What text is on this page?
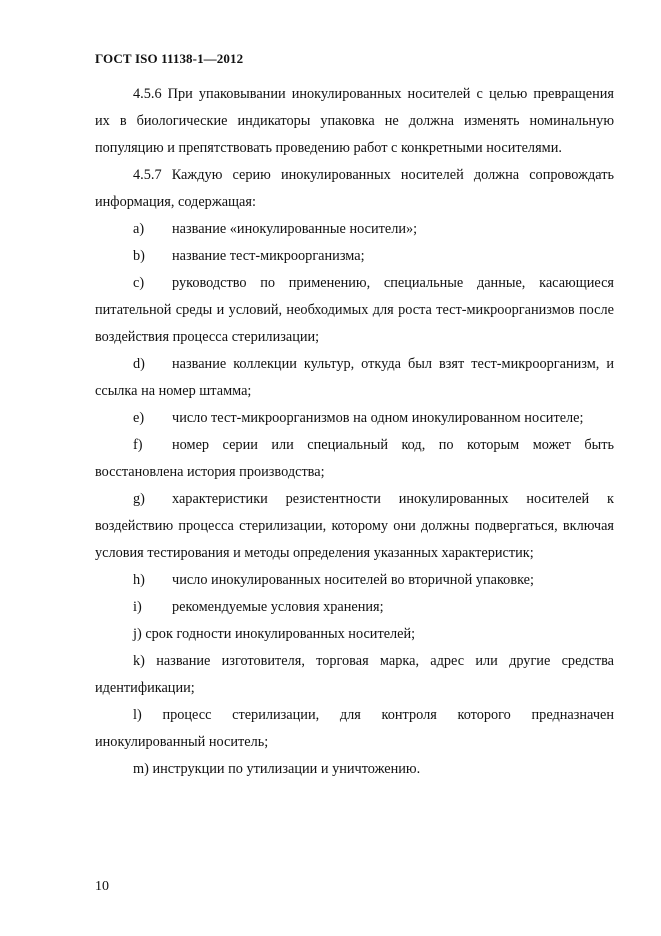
ГОСТ ISO 11138-1—2012

4.5.6 При упаковывании инокулированных носителей с целью превращения их в биологические индикаторы упаковка не должна изменять номинальную популяцию и препятствовать проведению работ с конкретными носителями.

4.5.7 Каждую серию инокулированных носителей должна сопровождать информация, содержащая:

a) название «инокулированные носители»;

b) название тест-микроорганизма;

c) руководство по применению, специальные данные, касающиеся питательной среды и условий, необходимых для роста тест-микроорганизмов после воздействия процесса стерилизации;

d) название коллекции культур, откуда был взят тест-микроорганизм, и ссылка на номер штамма;

e) число тест-микроорганизмов на одном инокулированном носителе;

f) номер серии или специальный код, по которым может быть восстановлена история производства;

g) характеристики резистентности инокулированных носителей к воздействию процесса стерилизации, которому они должны подвергаться, включая условия тестирования и методы определения указанных характеристик;

h) число инокулированных носителей во вторичной упаковке;

i) рекомендуемые условия хранения;

j) срок годности инокулированных носителей;

k) название изготовителя, торговая марка, адрес или другие средства идентификации;

l) процесс стерилизации, для контроля которого предназначен инокулированный носитель;

m) инструкции по утилизации и уничтожению.

10
